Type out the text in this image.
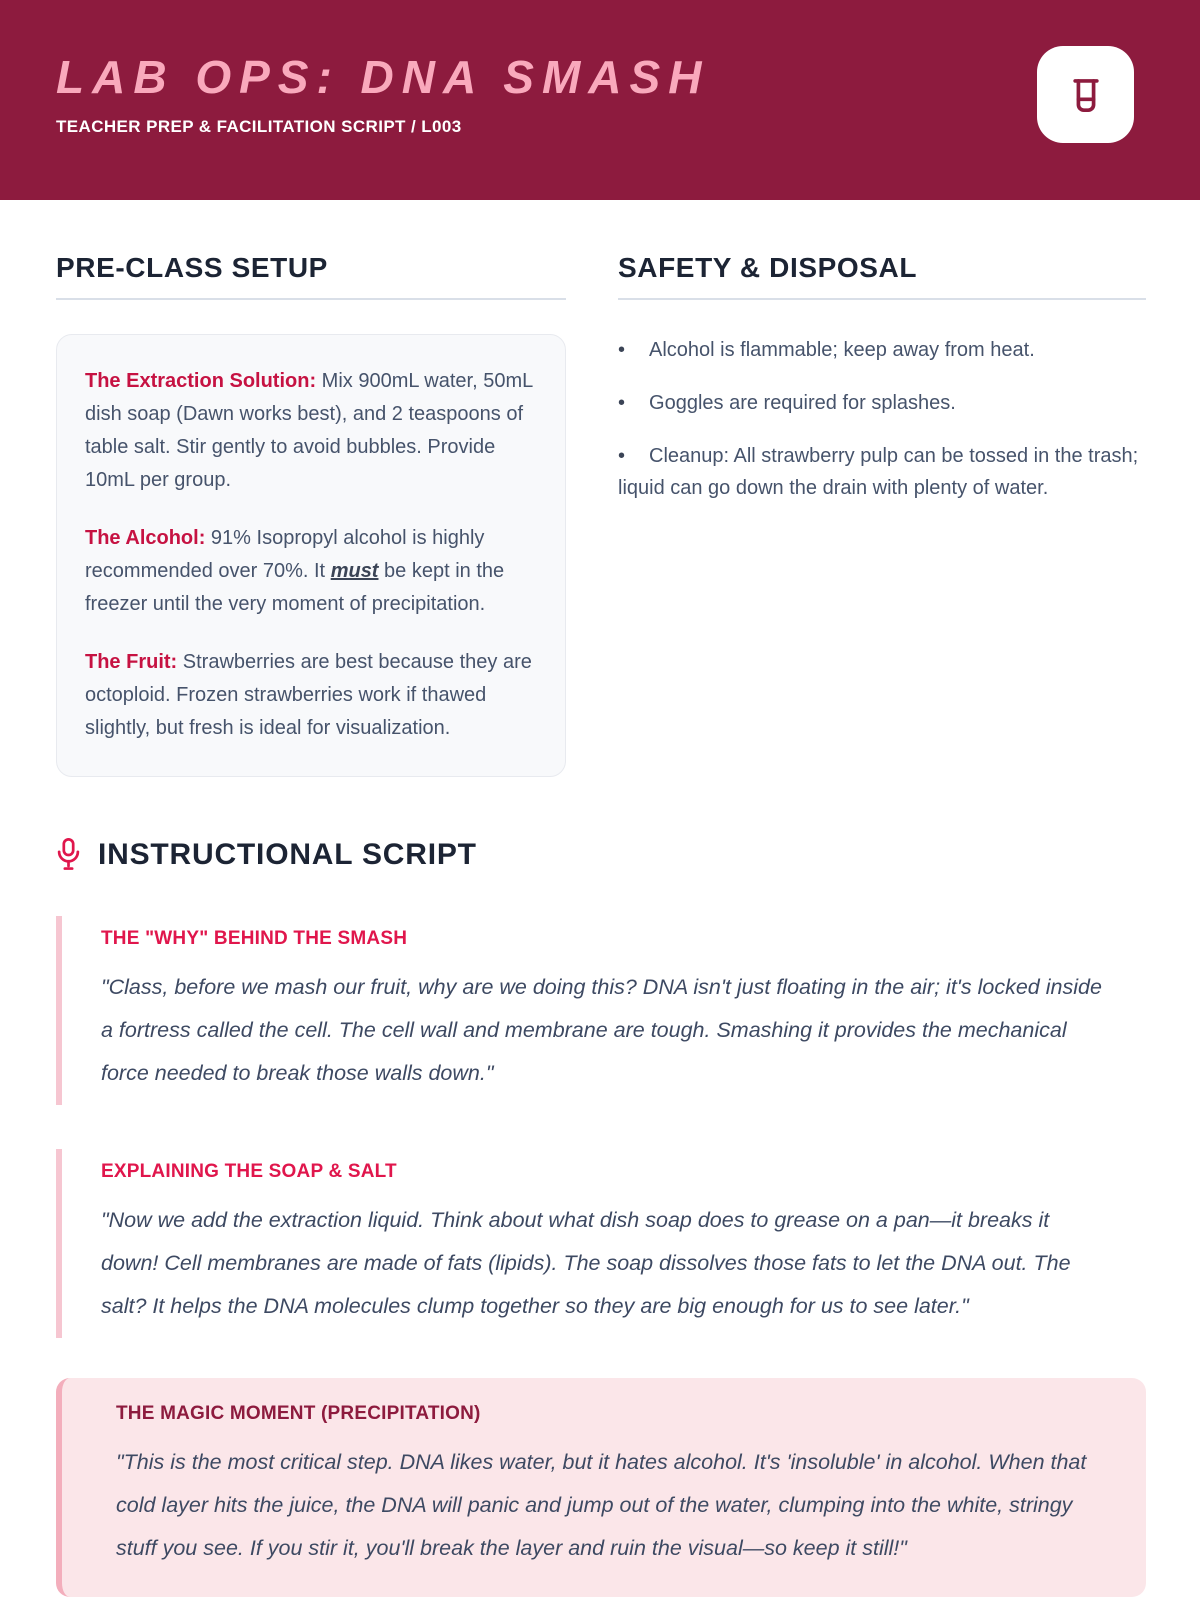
LAB OPS: DNA SMASH
TEACHER PREP & FACILITATION SCRIPT / L003
PRE-CLASS SETUP

The Extraction Solution: Mix 900mL water, 50mL dish soap (Dawn works best), and 2 teaspoons of table salt. Stir gently to avoid bubbles. Provide 10mL per group.

The Alcohol: 91% Isopropyl alcohol is highly recommended over 70%. It must be kept in the freezer until the very moment of precipitation.

The Fruit: Strawberries are best because they are octoploid. Frozen strawberries work if thawed slightly, but fresh is ideal for visualization.

SAFETY & DISPOSAL
• Alcohol is flammable; keep away from heat.
• Goggles are required for splashes.
• Cleanup: All strawberry pulp can be tossed in the trash; liquid can go down the drain with plenty of water.
INSTRUCTIONAL SCRIPT
THE "WHY" BEHIND THE SMASH
"Class, before we mash our fruit, why are we doing this? DNA isn't just floating in the air; it's locked inside a fortress called the cell. The cell wall and membrane are tough. Smashing it provides the mechanical force needed to break those walls down."
EXPLAINING THE SOAP & SALT
"Now we add the extraction liquid. Think about what dish soap does to grease on a pan—it breaks it down! Cell membranes are made of fats (lipids). The soap dissolves those fats to let the DNA out. The salt? It helps the DNA molecules clump together so they are big enough for us to see later."
THE MAGIC MOMENT (PRECIPITATION)
"This is the most critical step. DNA likes water, but it hates alcohol. It's 'insoluble' in alcohol. When that cold layer hits the juice, the DNA will panic and jump out of the water, clumping into the white, stringy stuff you see. If you stir it, you'll break the layer and ruin the visual—so keep it still!"
